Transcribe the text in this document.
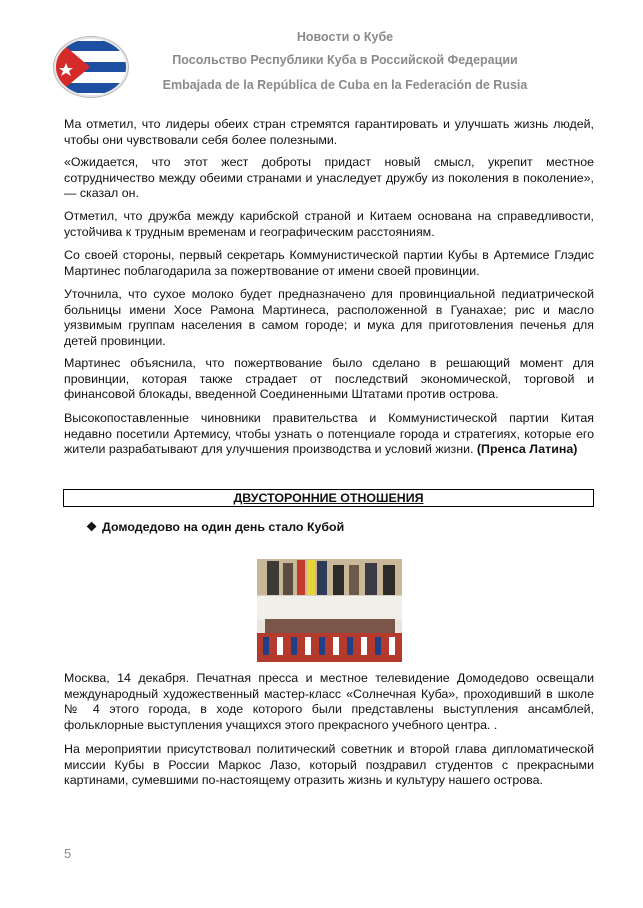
Новости о Кубе
Посольство Республики Куба в Российской Федерации
Embajada de la República de Cuba en la Federación de Rusia

Ма отметил, что лидеры обеих стран стремятся гарантировать и улучшать жизнь людей, чтобы они чувствовали себя более полезными.

«Ожидается, что этот жест доброты придаст новый смысл, укрепит местное сотрудничество между обеими странами и унаследует дружбу из поколения в поколение», — сказал он.

Отметил, что дружба между карибской страной и Китаем основана на справедливости, устойчива к трудным временам и географическим расстояниям.

Со своей стороны, первый секретарь Коммунистической партии Кубы в Артемисе Глэдис Мартинес поблагодарила за пожертвование от имени своей провинции.

Уточнила, что сухое молоко будет предназначено для провинциальной педиатрической больницы имени Хосе Рамона Мартинеса, расположенной в Гуанахае; рис и масло уязвимым группам населения в самом городе; и мука для приготовления печенья для детей провинции.

Мартинес объяснила, что пожертвование было сделано в решающий момент для провинции, которая также страдает от последствий экономической, торговой и финансовой блокады, введенной Соединенными Штатами против острова.

Высокопоставленные чиновники правительства и Коммунистической партии Китая недавно посетили Артемису, чтобы узнать о потенциале города и стратегиях, которые его жители разрабатывают для улучшения производства и условий жизни. (Пренса Латина)

ДВУСТОРОННИЕ ОТНОШЕНИЯ
❖ Домодедово на один день стало Кубой

Москва, 14 декабря. Печатная пресса и местное телевидение Домодедово освещали международный художественный мастер-класс «Солнечная Куба», проходивший в школе № 4 этого города, в ходе которого были представлены выступления ансамблей, фольклорные выступления учащихся этого прекрасного учебного центра. .

На мероприятии присутствовал политический советник и второй глава дипломатической миссии Кубы в России Маркос Лазо, который поздравил студентов с прекрасными картинами, сумевшими по-настоящему отразить жизнь и культуру нашего острова.

5
